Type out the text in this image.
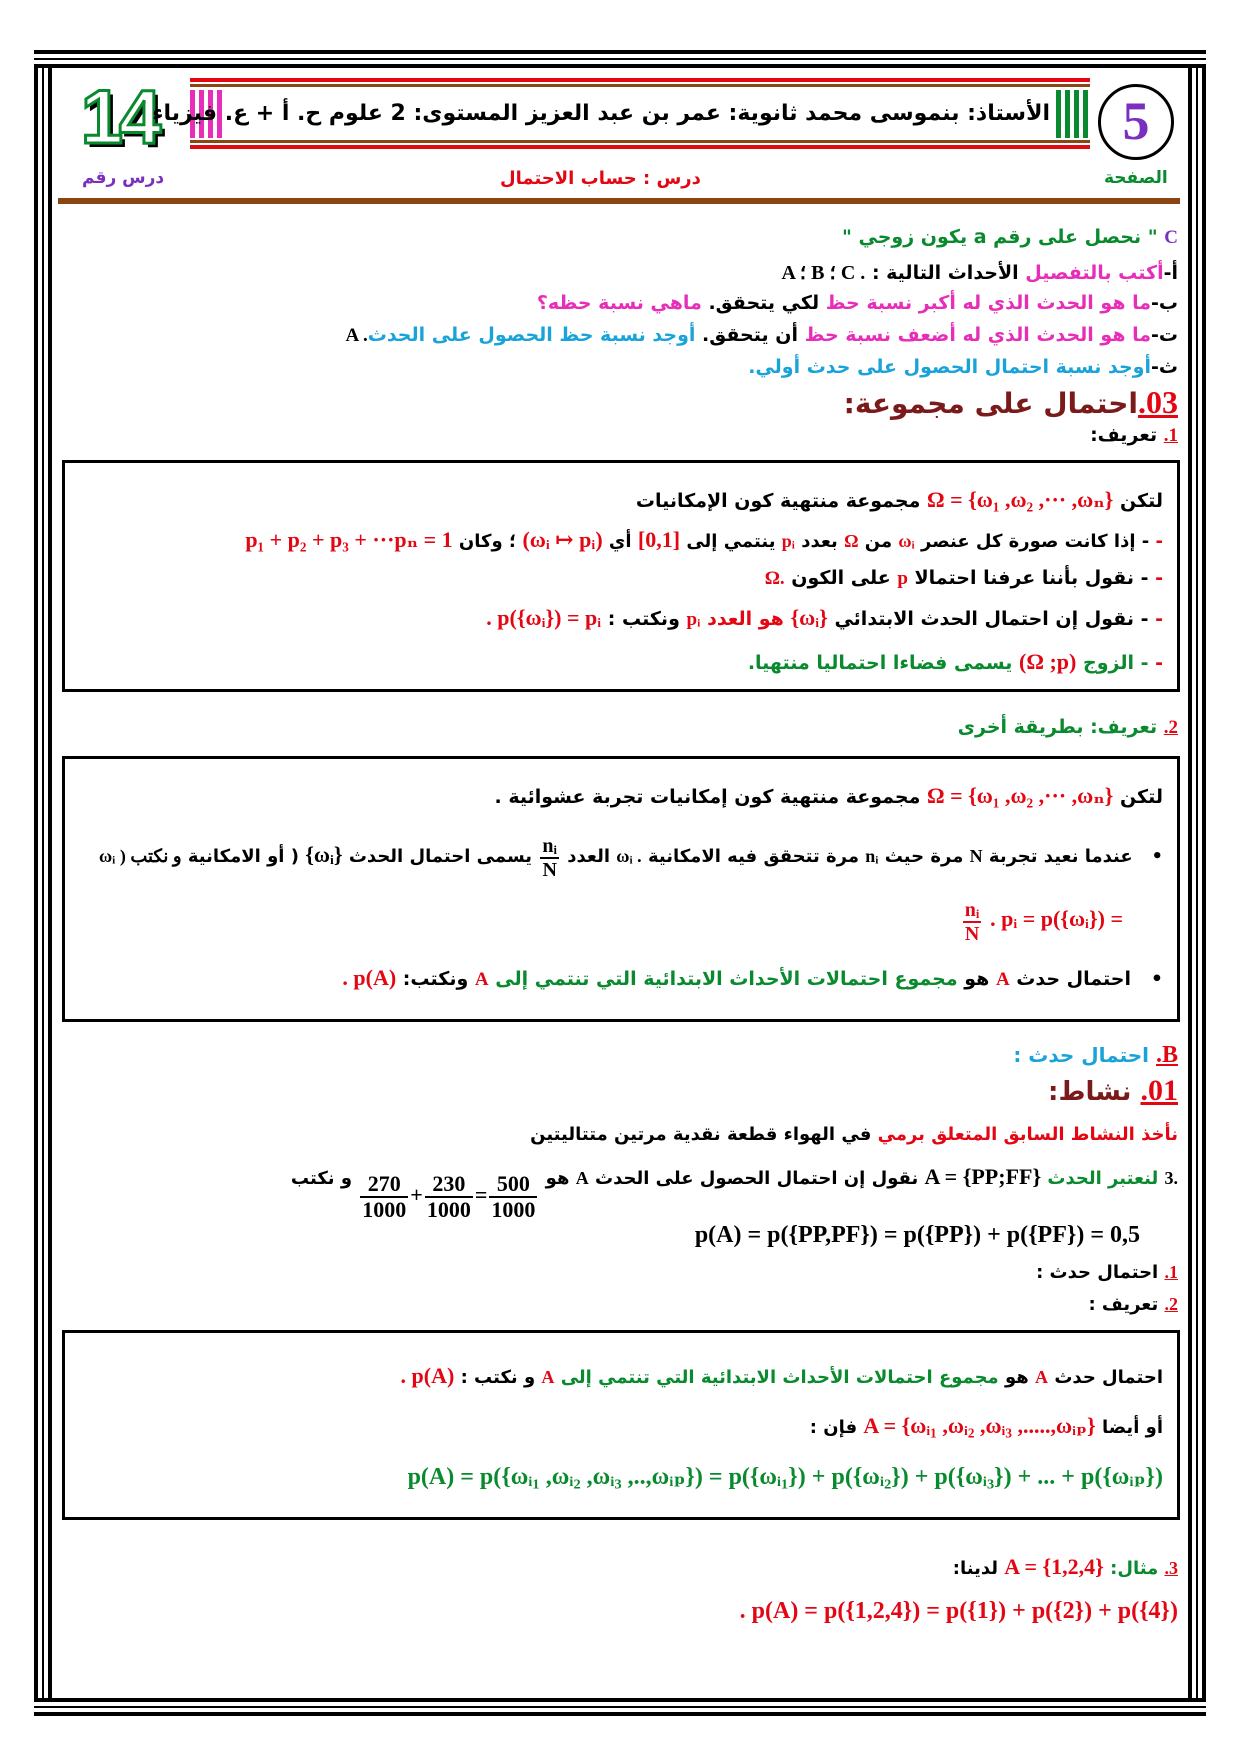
14	5
الأستاذ: بنموسى محمد ثانوية: عمر بن عبد العزيز المستوى: 2 علوم ح. أ + ع. فيزياء
درس رقم	درس : حساب الاحتمال	الصفحة
C " نحصل على رقم a يكون زوجي "
أ-أكتب بالتفصيل الأحداث التالية : A ؛ B ؛ C .
ب-ما هو الحدث الذي له أكبر نسبة حظ لكي يتحقق. ماهي نسبة حظه؟
ت-ما هو الحدث الذي له أضعف نسبة حظ أن يتحقق. أوجد نسبة حظ الحصول على الحدثA .
ث-أوجد نسبة احتمال الحصول على حدث أولي.
03.احتمال على مجموعة:
1. تعريف:
لتكن Ω = {ω₁ ,ω₂ ,··· ,ωₙ} مجموعة منتهية كون الإمكانيات
- - إذا كانت صورة كل عنصر ωᵢ من Ω بعدد pᵢ ينتمي إلى [0,1] أي (ωᵢ ↦ pᵢ) ؛ وكان p₁ + p₂ + p₃ + ···pₙ = 1
- - نقول بأننا عرفنا احتمالا p على الكون Ω.
- - نقول إن احتمال الحدث الابتدائي {ωᵢ} هو العدد pᵢ ونكتب : . p({ωᵢ}) = pᵢ
- - الزوج (Ω ;p) يسمى فضاءا احتماليا منتهيا.
2. تعريف: بطريقة أخرى
لتكن Ω = {ω₁ ,ω₂ ,··· ,ωₙ} مجموعة منتهية كون إمكانيات تجربة عشوائية .
•   عندما نعيد تجربة N مرة حيث nᵢ مرة تتحقق فيه الامكانية ωᵢ . العدد
$\frac{\text{nᵢ}}{N}$
يسمى احتمال الحدث {ωᵢ} ( أو الامكانية ωᵢ ) و نكتب
. pᵢ = p({ωᵢ}) =
$\frac{\text{nᵢ}}{N}$
•   احتمال حدث A هو مجموع احتمالات الأحداث الابتدائية التي تنتمي إلى A ونكتب: . p(A)
B. احتمال حدث :
01. نشاط:
نأخذ النشاط السابق المتعلق برمي في الهواء قطعة نقدية مرتين متتاليتين
3. لنعتبر الحدث A = {PP;FF} نقول إن احتمال الحصول على الحدث A هو
$\frac{270}{1000} + \frac{230}{1000} = \frac{500}{1000}$
و نكتب
p(A) = p({PP,PF}) = p({PP}) + p({PF}) = 0,5
1. احتمال حدث :
2. تعريف :
احتمال حدث A هو مجموع احتمالات الأحداث الابتدائية التي تنتمي إلى A و نكتب : . p(A)
أو أيضا A = {ωᵢ₁ ,ωᵢ₂ ,ωᵢ₃ ,.....,ωᵢₚ} فإن :
p(A) = p({ωᵢ₁ ,ωᵢ₂ ,ωᵢ₃ ,..,ωᵢₚ}) = p({ωᵢ₁}) + p({ωᵢ₂}) + p({ωᵢ₃}) + ... + p({ωᵢₚ})
3. مثال: A = {1,2,4} لدينا:
. p(A) = p({1,2,4}) = p({1}) + p({2}) + p({4})
